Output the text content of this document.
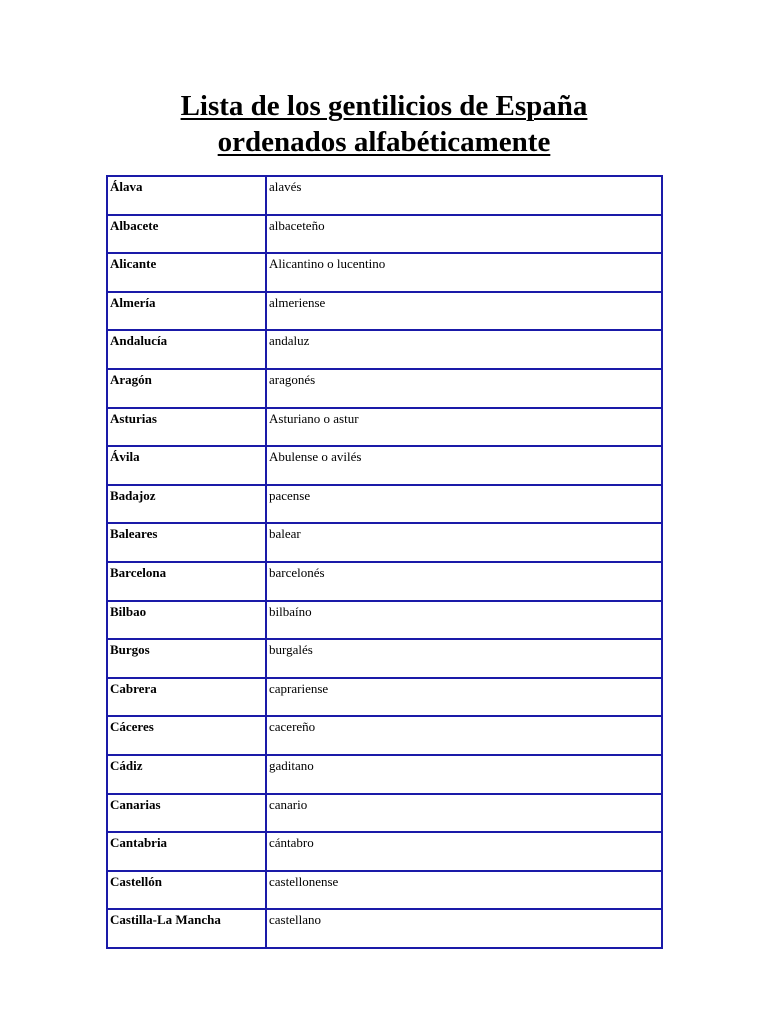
Lista de los gentilicios de España
ordenados alfabéticamente
Álava	alavés
Albacete	albaceteño
Alicante	Alicantino o lucentino
Almería	almeriense
Andalucía	andaluz
Aragón	aragonés
Asturias	Asturiano o astur
Ávila	Abulense o avilés
Badajoz	pacense
Baleares	balear
Barcelona	barcelonés
Bilbao	bilbaíno
Burgos	burgalés
Cabrera	caprariense
Cáceres	cacereño
Cádiz	gaditano
Canarias	canario
Cantabria	cántabro
Castellón	castellonense
Castilla-La Mancha	castellano
